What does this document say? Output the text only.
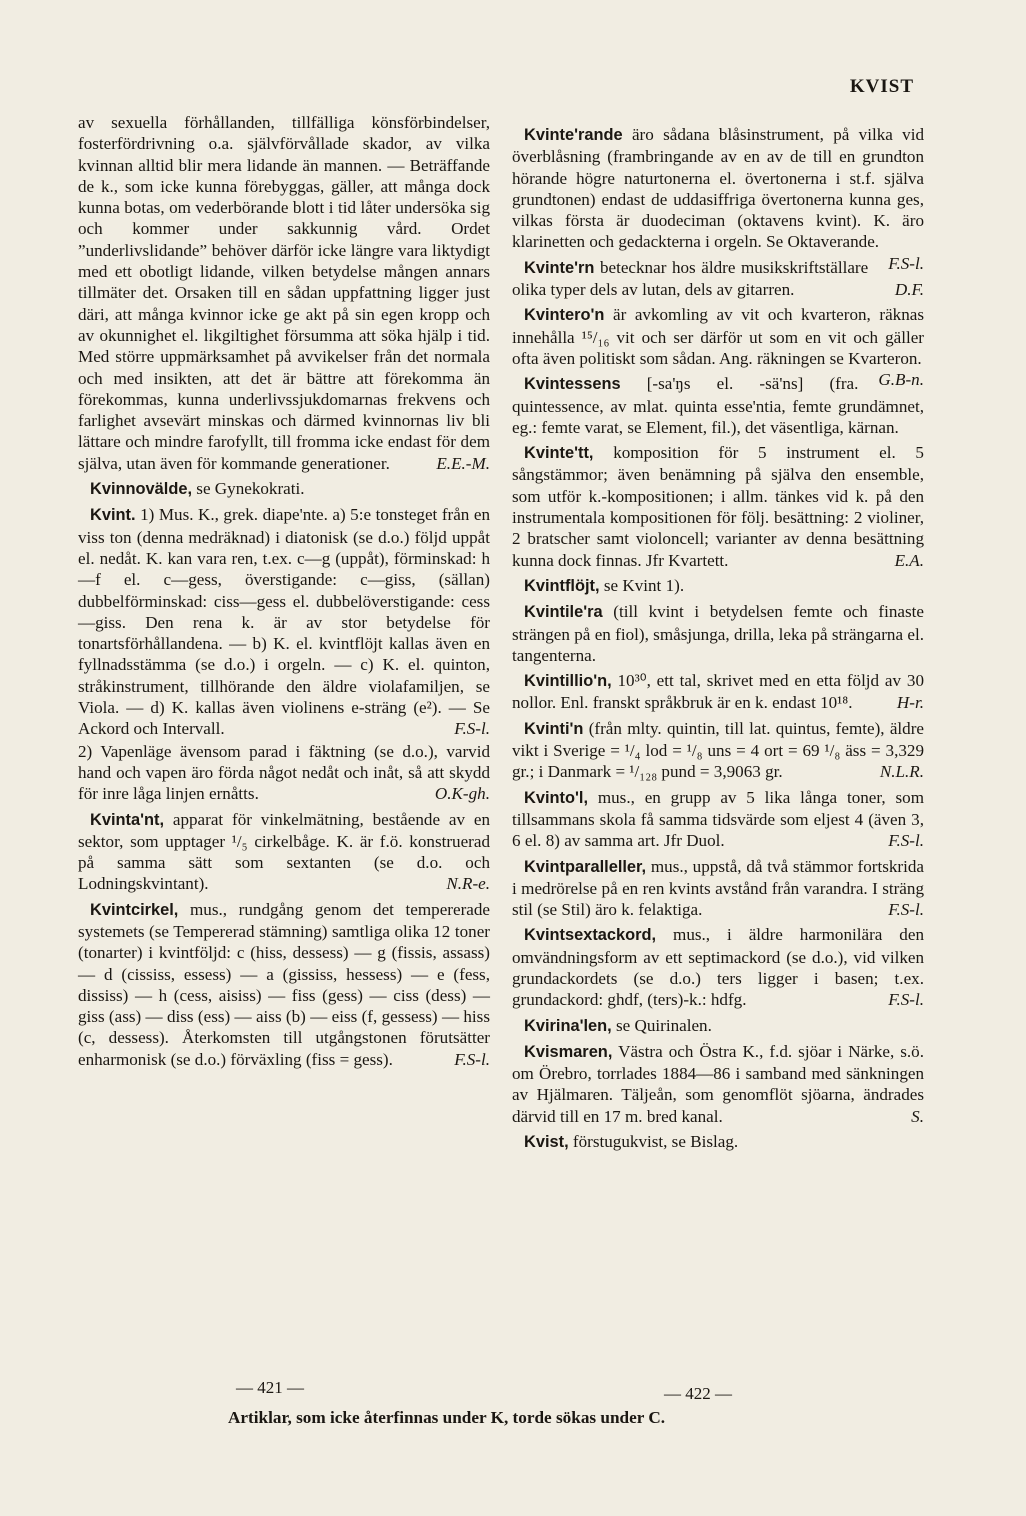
KVIST

av sexuella förhållanden, tillfälliga könsförbindelser, fosterfördrivning o.a. självförvållade skador, av vilka kvinnan alltid blir mera lidande än mannen. — Beträffande de k., som icke kunna förebyggas, gäller, att många dock kunna botas, om vederbörande blott i tid låter undersöka sig och kommer under sakkunnig vård. Ordet ”underlivslidande” behöver därför icke längre vara liktydigt med ett obotligt lidande, vilken betydelse mången annars tillmäter det. Orsaken till en sådan uppfattning ligger just däri, att många kvinnor icke ge akt på sin egen kropp och av okunnighet el. likgiltighet försumma att söka hjälp i tid. Med större uppmärksamhet på avvikelser från det normala och med insikten, att det är bättre att förekomma än förekommas, kunna underlivssjukdomarnas frekvens och farlighet avsevärt minskas och därmed kvinnornas liv bli lättare och mindre farofyllt, till fromma icke endast för dem själva, utan även för kommande generationer.	E.E.-M.

Kvinnovälde, se Gynekokrati.

Kvint. 1) Mus. K., grek. diape'nte. a) 5:e tonsteget från en viss ton (denna medräknad) i diatonisk (se d.o.) följd uppåt el. nedåt. K. kan vara ren, t.ex. c—g (uppåt), förminskad: h—f el. c—gess, överstigande: c—giss, (sällan) dubbelförminskad: ciss—gess el. dubbelöverstigande: cess—giss. Den rena k. är av stor betydelse för tonartsförhållandena. — b) K. el. kvintflöjt kallas även en fyllnadsstämma (se d.o.) i orgeln. — c) K. el. quinton, stråkinstrument, tillhörande den äldre violafamiljen, se Viola. — d) K. kallas även violinens e-sträng (e²). — Se Ackord och Intervall.	F.S-l.

2) Vapenläge ävensom parad i fäktning (se d.o.), varvid hand och vapen äro förda något nedåt och inåt, så att skydd för inre låga linjen ernåtts.	O.K-gh.

Kvinta'nt, apparat för vinkelmätning, bestående av en sektor, som upptager ¹/₅ cirkelbåge. K. är f.ö. konstruerad på samma sätt som sextanten (se d.o. och Lodningskvintant).	N.R-e.

Kvintcirkel, mus., rundgång genom det tempererade systemets (se Tempererad stämning) samtliga olika 12 toner (tonarter) i kvintföljd: c (hiss, dessess) — g (fissis, assass) — d (cississ, essess) — a (gississ, hessess) — e (fess, dississ) — h (cess, aisiss) — fiss (gess) — ciss (dess) — giss (ass) — diss (ess) — aiss (b) — eiss (f, gessess) — hiss (c, dessess). Återkomsten till utgångstonen förutsätter enharmonisk (se d.o.) förväxling (fiss = gess).	F.S-l.

Kvinte'rande äro sådana blåsinstrument, på vilka vid överblåsning (frambringande av en av de till en grundton hörande högre naturtonerna el. övertonerna i st.f. själva grundtonen) endast de uddasiffriga övertonerna kunna ges, vilkas första är duodeciman (oktavens kvint). K. äro klarinetten och gedackterna i orgeln. Se Oktaverande.
F.S-l.

Kvinte'rn betecknar hos äldre musikskriftställare olika typer dels av lutan, dels av gitarren.	D.F.

Kvintero'n är avkomling av vit och kvarteron, räknas innehålla ¹⁵/₁₆ vit och ser därför ut som en vit och gäller ofta även politiskt som sådan. Ang. räkningen se Kvarteron.
G.B-n.

Kvintessens [-sa'ŋs el. -sä'ns] (fra. quintessence, av mlat. quinta esse'ntia, femte grundämnet, eg.: femte varat, se Element, fil.), det väsentliga, kärnan.

Kvinte'tt, komposition för 5 instrument el. 5 sångstämmor; även benämning på själva den ensemble, som utför k.-kompositionen; i allm. tänkes vid k. på den instrumentala kompositionen för följ. besättning: 2 violiner, 2 bratscher samt violoncell; varianter av denna besättning kunna dock finnas. Jfr Kvartett.	E.A.

Kvintflöjt, se Kvint 1).

Kvintile'ra (till kvint i betydelsen femte och finaste strängen på en fiol), småsjunga, drilla, leka på strängarna el. tangenterna.

Kvintillio'n, 10³⁰, ett tal, skrivet med en etta följd av 30 nollor. Enl. franskt språkbruk är en k. endast 10¹⁸.	H-r.

Kvinti'n (från mlty. quintin, till lat. quintus, femte), äldre vikt i Sverige = ¹/₄ lod = ¹/₈ uns = 4 ort = 69 ¹/₈ äss = 3,329 gr.; i Danmark = ¹/₁₂₈ pund = 3,9063 gr.	N.L.R.

Kvinto'l, mus., en grupp av 5 lika långa toner, som tillsammans skola få samma tidsvärde som eljest 4 (även 3, 6 el. 8) av samma art. Jfr Duol.	F.S-l.

Kvintparalleller, mus., uppstå, då två stämmor fortskrida i medrörelse på en ren kvints avstånd från varandra. I sträng stil (se Stil) äro k. felaktiga.	F.S-l.

Kvintsextackord, mus., i äldre harmonilära den omvändningsform av ett septimackord (se d.o.), vid vilken grundackordets (se d.o.) ters ligger i basen; t.ex. grundackord: ghdf, (ters)-k.: hdfg.	F.S-l.

Kvirina'len, se Quirinalen.

Kvismaren, Västra och Östra K., f.d. sjöar i Närke, s.ö. om Örebro, torrlades 1884—86 i samband med sänkningen av Hjälmaren. Täljeån, som genomflöt sjöarna, ändrades därvid till en 17 m. bred kanal.	S.

Kvist, förstugukvist, se Bislag.

— 421 —	— 422 —
Artiklar, som icke återfinnas under K, torde sökas under C.
